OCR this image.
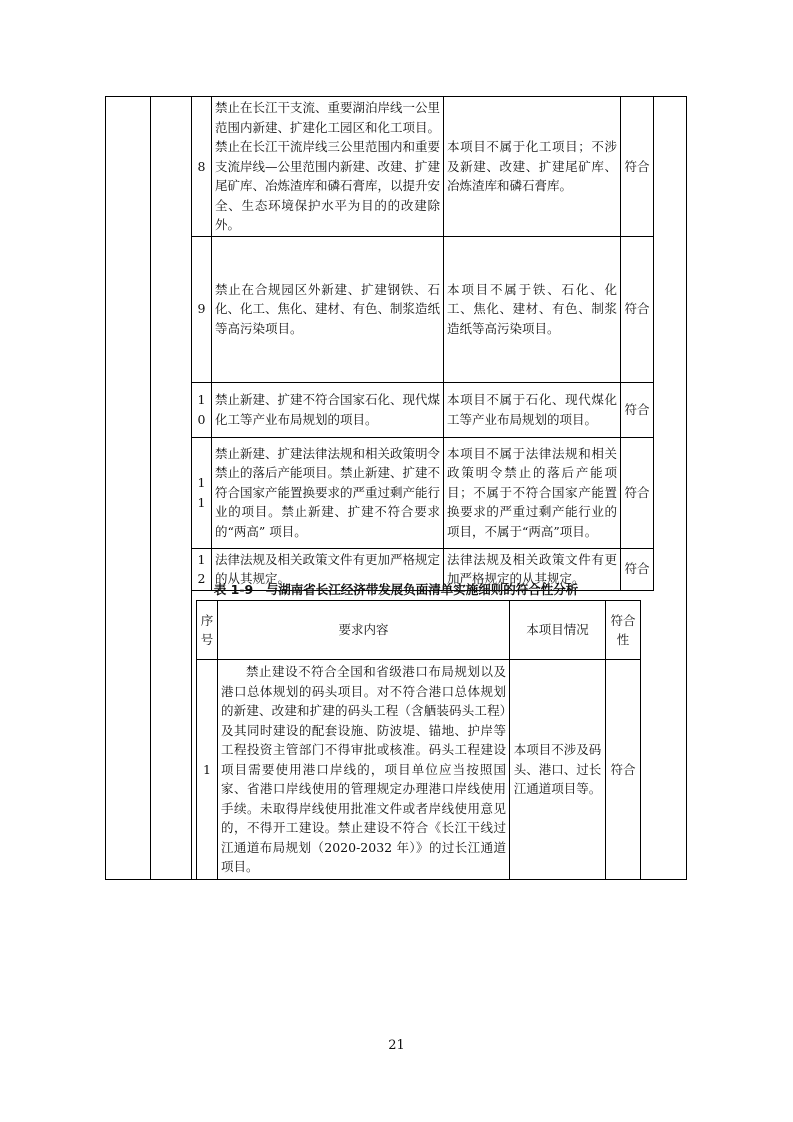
8	禁止在长江干支流、重要湖泊岸线一公里范围内新建、扩建化工园区和化工项目。禁止在长江干流岸线三公里范围内和重要支流岸线—公里范围内新建、改建、扩建尾矿库、冶炼渣库和磷石膏库，以提升安全、生态环境保护水平为目的的改建除外。	本项目不属于化工项目；不涉及新建、改建、扩建尾矿库、冶炼渣库和磷石膏库。	符合
9	禁止在合规园区外新建、扩建钢铁、石化、化工、焦化、建材、有色、制浆造纸等高污染项目。	本项目不属于铁、石化、化工、焦化、建材、有色、制浆造纸等高污染项目。	符合
10	禁止新建、扩建不符合国家石化、现代煤化工等产业布局规划的项目。	本项目不属于石化、现代煤化工等产业布局规划的项目。	符合
11	禁止新建、扩建法律法规和相关政策明令禁止的落后产能项目。禁止新建、扩建不符合国家产能置换要求的严重过剩产能行业的项目。禁止新建、扩建不符合要求的“两高” 项目。	本项目不属于法律法规和相关政策明令禁止的落后产能项目；不属于不符合国家产能置换要求的严重过剩产能行业的项目，不属于“两高”项目。	符合
12	法律法规及相关政策文件有更加严格规定的从其规定。	法律法规及相关政策文件有更加严格规定的从其规定。	符合
表 1-9　与湖南省长江经济带发展负面清单实施细则的符合性分析
序号	要求内容	本项目情况	符合性
1	禁止建设不符合全国和省级港口布局规划以及港口总体规划的码头项目。对不符合港口总体规划的新建、改建和扩建的码头工程（含舾装码头工程）及其同时建设的配套设施、防波堤、锚地、护岸等工程投资主管部门不得审批或核准。码头工程建设项目需要使用港口岸线的，项目单位应当按照国家、省港口岸线使用的管理规定办理港口岸线使用手续。未取得岸线使用批准文件或者岸线使用意见的，不得开工建设。禁止建设不符合《长江干线过江通道布局规划（2020-2032 年）》的过长江通道项目。	本项目不涉及码头、港口、过长江通道项目等。	符合
21
